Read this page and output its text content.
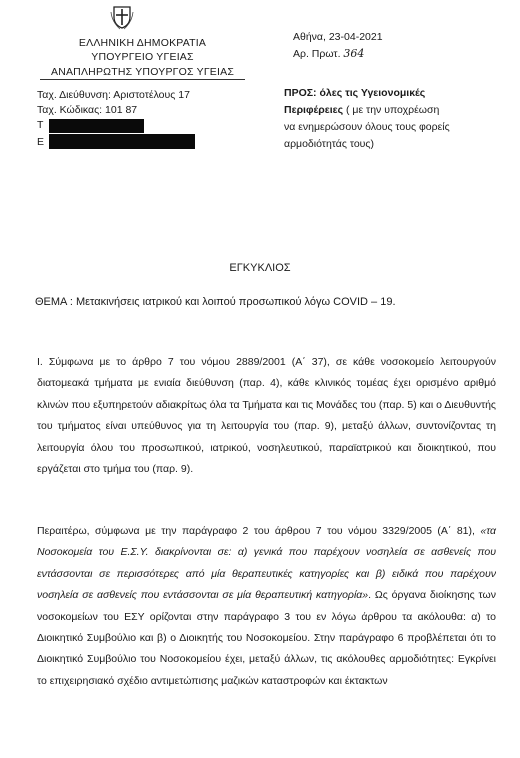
ΕΛΛΗΝΙΚΗ ΔΗΜΟΚΡΑΤΙΑ
ΥΠΟΥΡΓΕΙΟ ΥΓΕΙΑΣ
ΑΝΑΠΛΗΡΩΤΗΣ ΥΠΟΥΡΓΟΣ ΥΓΕΙΑΣ
Ταχ. Διεύθυνση: Αριστοτέλους 17
Ταχ. Κώδικας: 101 87
Τ
Ε
Αθήνα, 23-04-2021
Αρ. Πρωτ. 364
ΠΡΟΣ: όλες τις Υγειονομικές
Περιφέρειες ( με την υποχρέωση
να ενημερώσουν όλους τους φορείς
αρμοδιότητάς τους)
ΕΓΚΥΚΛΙΟΣ
ΘΕΜΑ : Μετακινήσεις ιατρικού και λοιπού προσωπικού λόγω COVID – 19.
Ι. Σύμφωνα με το άρθρο 7 του νόμου 2889/2001 (Α΄ 37), σε κάθε νοσοκομείο λειτουργούν διατομεακά τμήματα με ενιαία διεύθυνση (παρ. 4), κάθε κλινικός τομέας έχει ορισμένο αριθμό κλινών που εξυπηρετούν αδιακρίτως όλα τα Τμήματα και τις Μονάδες του (παρ. 5) και ο Διευθυντής του τμήματος είναι υπεύθυνος για τη λειτουργία του (παρ. 9), μεταξύ άλλων, συντονίζοντας τη λειτουργία όλου του προσωπικού, ιατρικού, νοσηλευτικού, παραϊατρικού και διοικητικού, που εργάζεται στο τμήμα του (παρ. 9).
Περαιτέρω, σύμφωνα με την παράγραφο 2 του άρθρου 7 του νόμου 3329/2005 (Α΄ 81), «τα Νοσοκομεία του Ε.Σ.Υ. διακρίνονται σε: α) γενικά που παρέχουν νοσηλεία σε ασθενείς που εντάσσονται σε περισσότερες από μία θεραπευτικές κατηγορίες και β) ειδικά που παρέχουν νοσηλεία σε ασθενείς που εντάσσονται σε μία θεραπευτική κατηγορία». Ως όργανα διοίκησης των νοσοκομείων του ΕΣΥ ορίζονται στην παράγραφο 3 του εν λόγω άρθρου τα ακόλουθα: α) το Διοικητικό Συμβούλιο και β) ο Διοικητής του Νοσοκομείου. Στην παράγραφο 6 προβλέπεται ότι το Διοικητικό Συμβούλιο του Νοσοκομείου έχει, μεταξύ άλλων, τις ακόλουθες αρμοδιότητες: Εγκρίνει το επιχειρησιακό σχέδιο αντιμετώπισης μαζικών καταστροφών και έκτακτων
